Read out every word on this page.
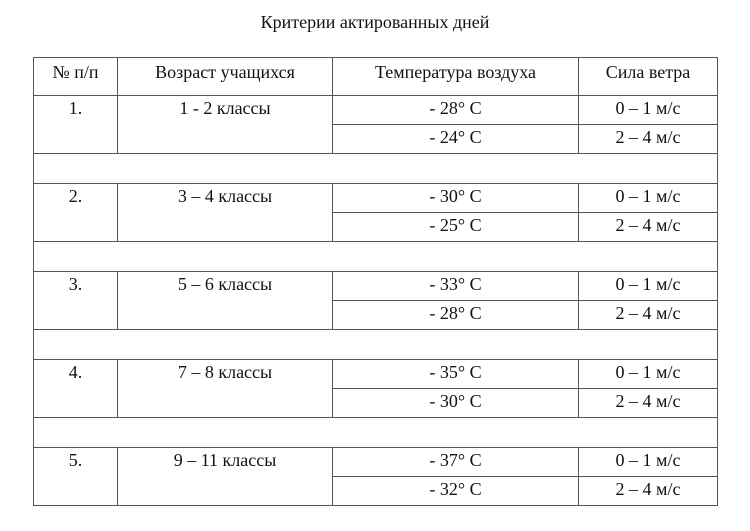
Критерии актированных дней
№ п/п	Возраст учащихся	Температура воздуха	Сила ветра
1.	1 - 2 классы	- 28° С	0 – 1 м/с
		- 24° С	2 – 4 м/с

2.	3 – 4 классы	- 30° С	0 – 1 м/с
		- 25° С	2 – 4 м/с

3.	5 – 6 классы	- 33° С	0 – 1 м/с
		- 28° С	2 – 4 м/с

4.	7 – 8 классы	- 35° С	0 – 1 м/с
		- 30° С	2 – 4 м/с

5.	9 – 11 классы	- 37° С	0 – 1 м/с
		- 32° С	2 – 4 м/с
